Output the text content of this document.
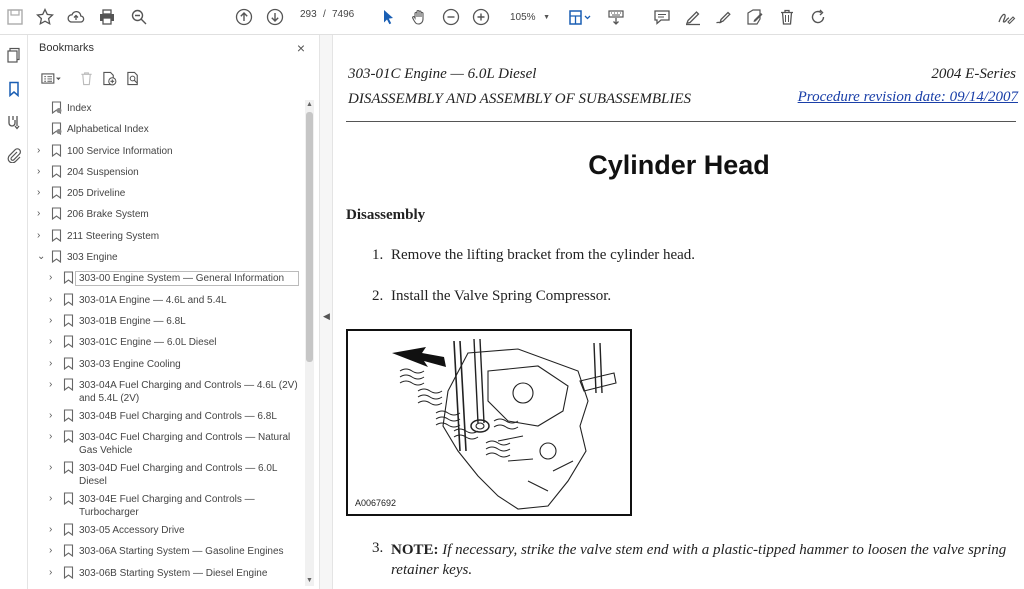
293 / 7496	105% ▼
Bookmarks	×
Index
Alphabetical Index
›	100 Service Information
›	204 Suspension
›	205 Driveline
›	206 Brake System
›	211 Steering System
⌄ 303 Engine
›	303-00 Engine System — General Information
›	303-01A Engine — 4.6L and 5.4L
›	303-01B Engine — 6.8L
›	303-01C Engine — 6.0L Diesel
›	303-03 Engine Cooling
›	303-04A Fuel Charging and Controls — 4.6L (2V) and 5.4L (2V)
›	303-04B Fuel Charging and Controls — 6.8L
›	303-04C Fuel Charging and Controls — Natural Gas Vehicle
›	303-04D Fuel Charging and Controls — 6.0L Diesel
›	303-04E Fuel Charging and Controls — Turbocharger
›	303-05 Accessory Drive
›	303-06A Starting System — Gasoline Engines
›	303-06B Starting System — Diesel Engine
▲
▼
◀
303-01C Engine — 6.0L Diesel
DISASSEMBLY AND ASSEMBLY OF SUBASSEMBLIES
2004 E-Series
Procedure revision date: 09/14/2007
Cylinder Head
Disassembly
1. Remove the lifting bracket from the cylinder head.
2. Install the Valve Spring Compressor.
A0067692
3. NOTE: If necessary, strike the valve stem end with a plastic-tipped hammer to loosen the valve spring retainer keys.
